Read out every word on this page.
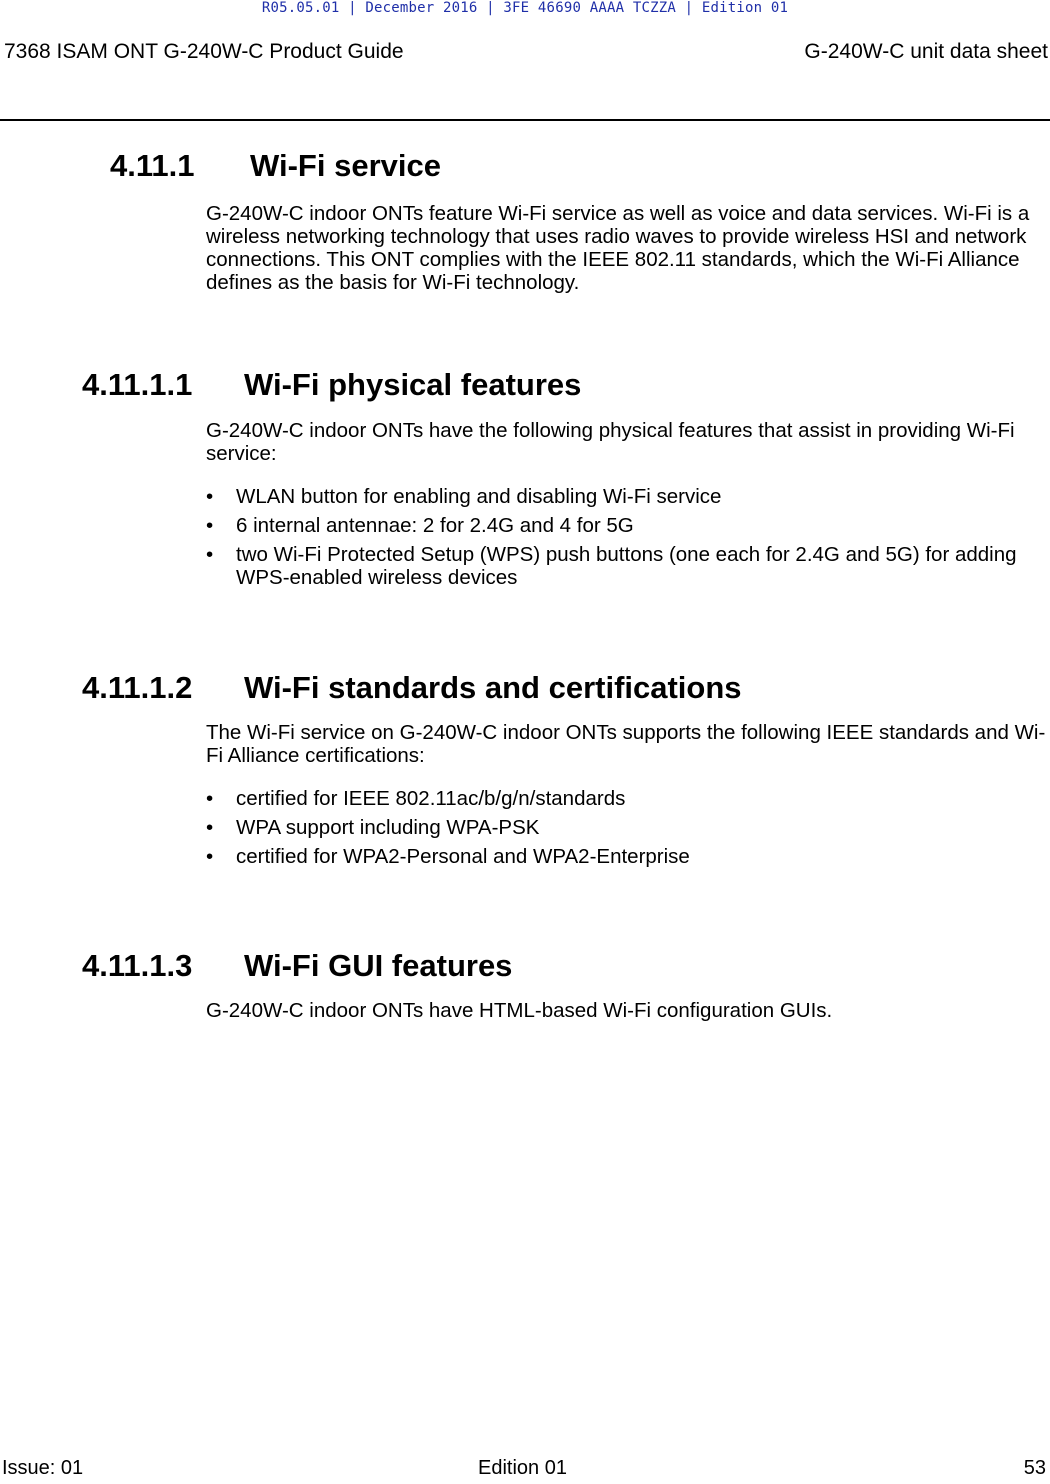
R05.05.01 | December 2016 | 3FE 46690 AAAA TCZZA | Edition 01
7368 ISAM ONT G-240W-C Product Guide	G-240W-C unit data sheet
4.11.1 Wi-Fi service

G-240W-C indoor ONTs feature Wi-Fi service as well as voice and data services. Wi-Fi is a wireless networking technology that uses radio waves to provide wireless HSI and network connections. This ONT complies with the IEEE 802.11 standards, which the Wi-Fi Alliance defines as the basis for Wi-Fi technology.

4.11.1.1 Wi-Fi physical features

G-240W-C indoor ONTs have the following physical features that assist in providing Wi-Fi service:

• WLAN button for enabling and disabling Wi-Fi service
• 6 internal antennae: 2 for 2.4G and 4 for 5G
• two Wi-Fi Protected Setup (WPS) push buttons (one each for 2.4G and 5G) for adding WPS-enabled wireless devices
4.11.1.2 Wi-Fi standards and certifications

The Wi-Fi service on G-240W-C indoor ONTs supports the following IEEE standards and Wi-Fi Alliance certifications:

• certified for IEEE 802.11ac/b/g/n/standards
• WPA support including WPA-PSK
• certified for WPA2-Personal and WPA2-Enterprise
4.11.1.3 Wi-Fi GUI features

G-240W-C indoor ONTs have HTML-based Wi-Fi configuration GUIs.

Issue: 01	Edition 01	53
